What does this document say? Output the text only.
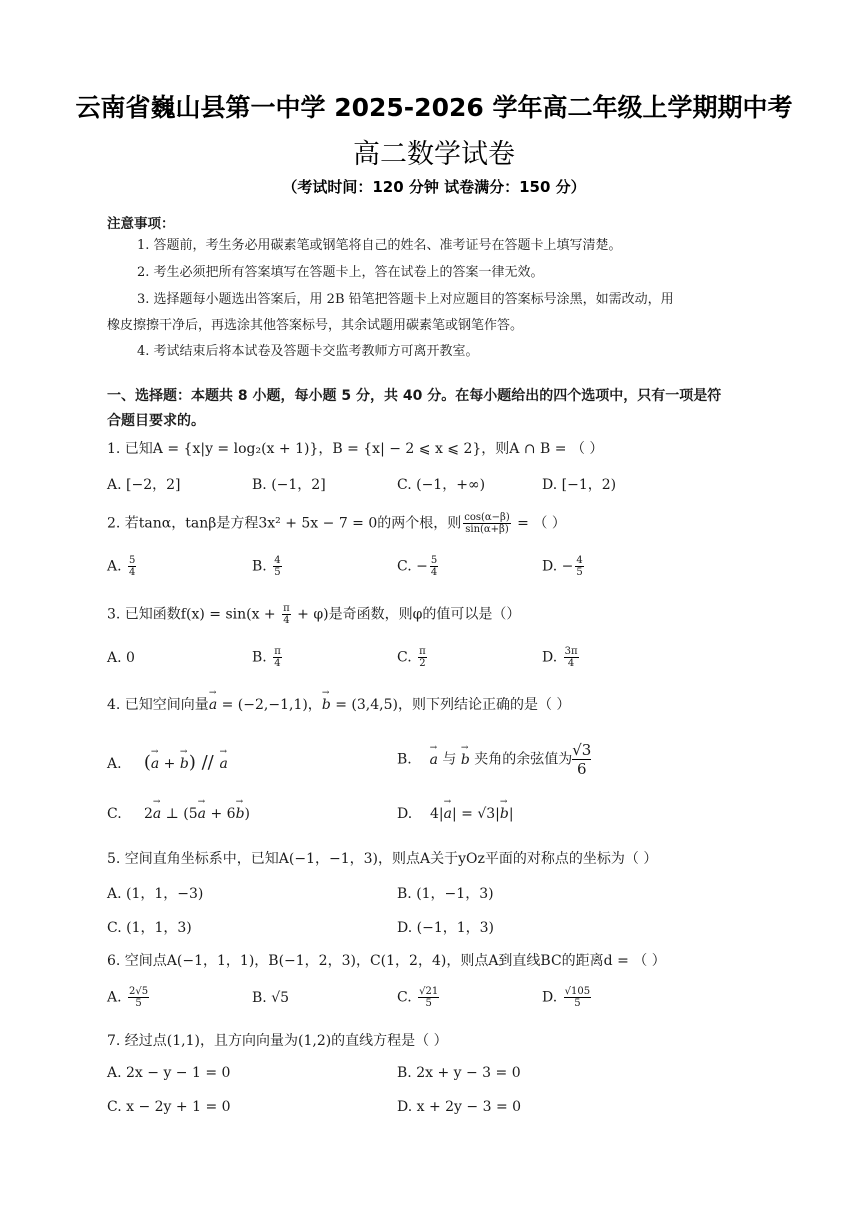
云南省巍山县第一中学 2025-2026 学年高二年级上学期期中考
高二数学试卷
（考试时间：120 分钟 试卷满分：150 分）
注意事项：
1. 答题前，考生务必用碳素笔或钢笔将自己的姓名、准考证号在答题卡上填写清楚。
2. 考生必须把所有答案填写在答题卡上，答在试卷上的答案一律无效。
3. 选择题每小题选出答案后，用 2B 铅笔把答题卡上对应题目的答案标号涂黑，如需改动，用
橡皮擦擦干净后，再选涂其他答案标号，其余试题用碳素笔或钢笔作答。
4. 考试结束后将本试卷及答题卡交监考教师方可离开教室。
一、选择题：本题共 8 小题，每小题 5 分，共 40 分。在每小题给出的四个选项中，只有一项是符
合题目要求的。
1. 已知A = {x|y = log₂(x + 1)}，B = {x| − 2 ⩽ x ⩽ 2}，则A ∩ B = （ ）
A. [−2，2]	B. (−1，2]	C. (−1，+∞)	D. [−1，2)
2. 若tanα，tanβ是方程3x² + 5x − 7 = 0的两个根，则 $\frac{\cos(\alpha-\beta)}{\sin(\alpha+\beta)}$ = （ ）
A. $\frac{5}{4}$	B. $\frac{4}{5}$	C. − $\frac{5}{4}$	D. − $\frac{4}{5}$
3. 已知函数$f(x) = \sin(x + \frac{\pi}{4} + \varphi)$是奇函数，则φ的值可以是（）
A. 0	B. $\frac{\pi}{4}$	C. $\frac{\pi}{2}$	D. $\frac{3\pi}{4}$
4. 已知空间向量→ a = (−2,−1,1)，→ b = (3,4,5)，则下列结论正确的是（ ）
A. (→ a + → b) // → a	B.    → a 与 → b 夹角的余弦值为 $\frac{√3}{6}$
C. 2→ a ⊥ (5→ a + 6→ b)	D. 4|→ a| = √3|→ b|
5. 空间直角坐标系中，已知A(−1，−1，3)，则点A关于yOz平面的对称点的坐标为（ ）
A. (1，1，−3)	B. (1，−1，3)
C. (1，1，3)	D. (−1，1，3)
6. 空间点A(−1，1，1)，B(−1，2，3)，C(1，2，4)，则点A到直线BC的距离d = （ ）
A. $\frac{2√5}{5}$	B. √5	C. $\frac{√21}{5}$	D. $\frac{√105}{5}$
7. 经过点(1,1)，且方向向量为(1,2)的直线方程是（ ）
A. 2x − y − 1 = 0	B. 2x + y − 3 = 0
C. x − 2y + 1 = 0	D. x + 2y − 3 = 0
